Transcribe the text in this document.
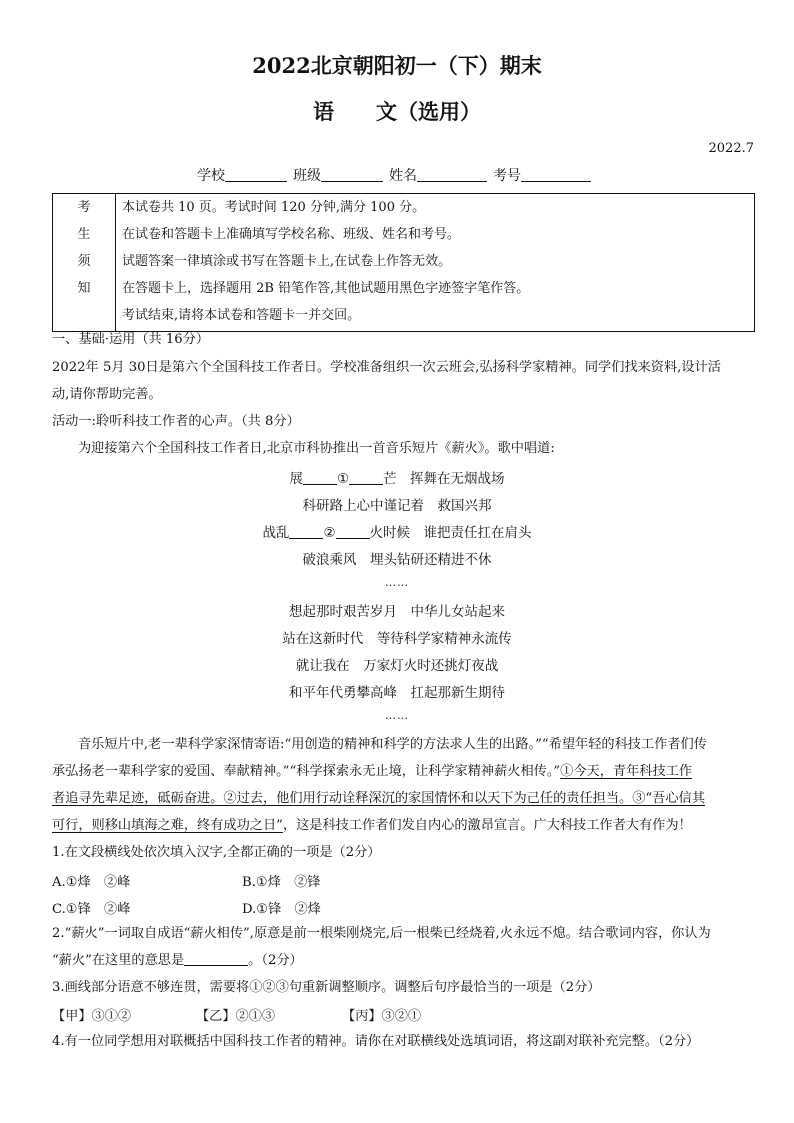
2022北京朝阳初一（下）期末
语 文（选用）
2022.7
学校	班级	姓名	考号
考
生
须
知

本试卷共 10 页。考试时间 120 分钟,满分 100 分。
在试卷和答题卡上准确填写学校名称、班级、姓名和考号。
试题答案一律填涂或书写在答题卡上,在试卷上作答无效。
在答题卡上，选择题用 2B 铅笔作答,其他试题用黑色字迹签字笔作答。
考试结束,请将本试卷和答题卡一并交回。
一、基础·运用（共 16分）
2022年 5月 30日是第六个全国科技工作者日。学校准备组织一次云班会,弘扬科学家精神。同学们找来资料,设计活
动,请你帮助完善。
活动一:聆听科技工作者的心声。（共 8分）
为迎接第六个全国科技工作者日,北京市科协推出一首音乐短片《薪火》。歌中唱道:
展	①	芒　挥舞在无烟战场
科研路上心中谨记着　救国兴邦
战乱	②	火时候　谁把责任扛在肩头
破浪乘风　埋头钻研还精进不休
……
想起那时艰苦岁月　中华儿女站起来
站在这新时代　等待科学家精神永流传
就让我在　万家灯火时还挑灯夜战
和平年代勇攀高峰　扛起那新生期待
……
音乐短片中,老一辈科学家深情寄语:“用创造的精神和科学的方法求人生的出路。”“希望年轻的科技工作者们传
承弘扬老一辈科学家的爱国、奉献精神。”“科学探索永无止境，让科学家精神薪火相传。”①今天，青年科技工作
者追寻先辈足迹，砥砺奋进。②过去，他们用行动诠释深沉的家国情怀和以天下为己任的责任担当。③“吾心信其
可行，则移山填海之难，终有成功之日”，这是科技工作者们发自内心的激昂宣言。广大科技工作者大有作为！
1.在文段横线处依次填入汉字,全都正确的一项是（2分）
A.①烽　②峰	B.①烽　②锋
C.①锋　②峰	D.①锋　②烽
2.“薪火”一词取自成语“薪火相传”,原意是前一根柴刚烧完,后一根柴已经烧着,火永远不熄。结合歌词内容，你认为
“薪火”在这里的意思是	。（2分）
3.画线部分语意不够连贯，需要将①②③句重新调整顺序。调整后句序最恰当的一项是（2分）
【甲】③①②	【乙】②①③	【丙】③②①
4.有一位同学想用对联概括中国科技工作者的精神。请你在对联横线处选填词语，将这副对联补充完整。（2分）
